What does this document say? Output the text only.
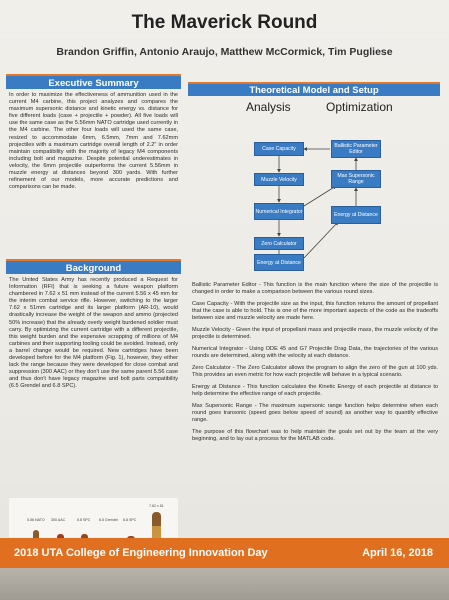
The Maverick Round
Brandon Griffin, Antonio Araujo, Matthew McCormick, Tim Pugliese
Executive Summary
In order to maximize the effectiveness of ammunition used in the current M4 carbine, this project analyzes and compares the maximum supersonic distance and kinetic energy vs. distance for five different loads (case + projectile + powder). All five loads will use the same case as the 5.56mm NATO cartridge used currently in the M4 carbine. The other four loads will used the same case, resized to accommodate 6mm, 6.5mm, 7mm and 7.62mm projectiles with a maximum cartridge overall length of 2.2" in order maintain compatibility with the majority of legacy M4 components including bolt and magazine. Despite potential underestimates in velocity, the 6mm projectile outperforms the current 5.56mm in muzzle energy at distances beyond 300 yards. With further refinement of our models, more accurate predictions and comparisons can be made.
Background
The United States Army has recently produced a Request for Information (RFI) that is seeking a future weapon platform chambered in 7.62 x 51 mm instead of the current 5.56 x 45 mm for the interim combat service rifle. However, switching to the larger 7.62 x 51mm cartridge and its larger platform (AR-10), would drastically increase the weight of the weapon and ammo (projected 50% increase) that the already overly weight burdened soldier must carry. By optimizing the current cartridge with a different projectile, this weight burden and the expensive scrapping of millions of M4 carbines and their supporting tooling could be avoided. Instead, only a barrel change would be required. New cartridges have been developed before for the M4 platform (Fig. 1), however, they either lack the range because they were developed for close combat and suppression (300 AAC) or they don't use the same parent 5.56 case and thus don't have legacy magazine and bolt parts compatibility (6.5 Grendel and 6.8 SPC).
5.56 NATO 300 AAC	6.8 SPC 6.5 Grendel 6.8 SPC
7.62 x 51
Theoretical Model and Setup
Analysis	Optimization
Case Capacity
Muzzle Velocity
Numerical Integrator
Zero Calculator
Energy at Distance
Ballistic Parameter Editor
Max Supersonic Range
Energy at Distance
Ballistic Parameter Editor - This function is the main function where the size of the projectile is changed in order to make a comparison between the various round sizes.
Case Capacity - With the projectile size as the input, this function returns the amount of propellant that the case is able to hold. This is one of the more important aspects of the code as the tradeoffs between size and muzzle velocity are made here.
Muzzle Velocity - Given the input of propellant mass and projectile mass, the muzzle velocity of the projectile is determined.
Numerical Integrator - Using ODE 45 and G7 Projectile Drag Data, the trajectories of the various rounds are determined, along with the velocity at each distance.
Zero Calculator - The Zero Calculator allows the program to align the zero of the gun at 100 yds. This provides an even metric for how each projectile will behave in a typical scenario.
Energy at Distance - This function calculates the Kinetic Energy of each projectile at distance to help determine the effective range of each projectile.
Max Supersonic Range - The maximum supersonic range function helps determine when each round goes transonic (speed goes below speed of sound) as another way to quantify effective range.
The purpose of this flowchart was to help maintain the goals set out by the team at the very beginning, and to lay out a process for the MATLAB code.
2018 UTA College of Engineering Innovation Day	April 16, 2018
